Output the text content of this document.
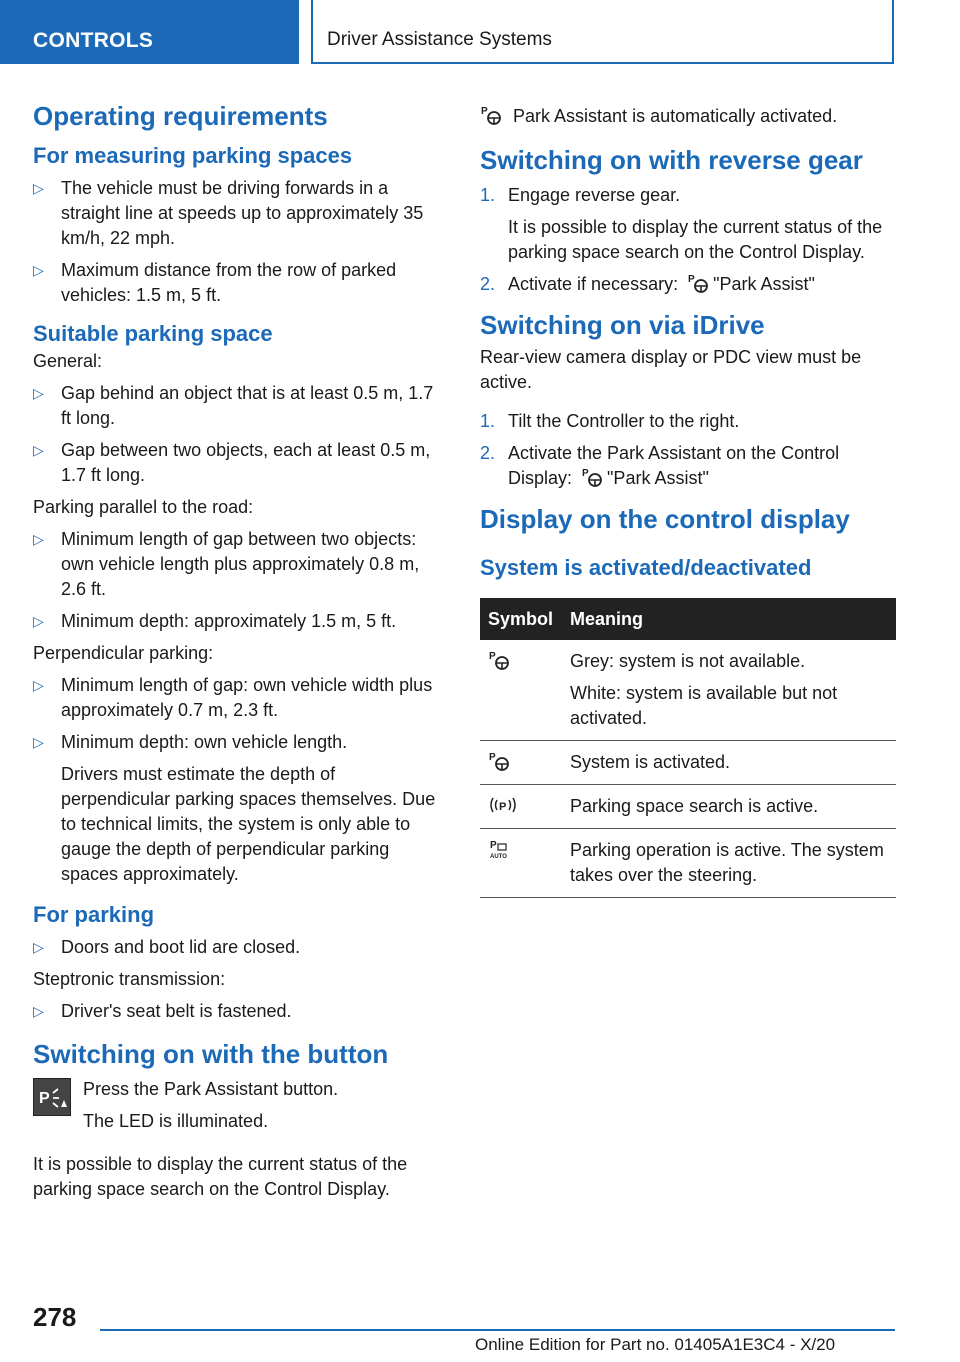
CONTROLS	Driver Assistance Systems
Operating requirements
For measuring parking spaces
▷ The vehicle must be driving forwards in a straight line at speeds up to approximately 35 km/h, 22 mph.
▷ Maximum distance from the row of parked vehicles: 1.5 m, 5 ft.
Suitable parking space

General:

▷ Gap behind an object that is at least 0.5 m, 1.7 ft long.
▷ Gap between two objects, each at least 0.5 m, 1.7 ft long.

Parking parallel to the road:

▷ Minimum length of gap between two objects: own vehicle length plus approximately 0.8 m, 2.6 ft.
▷ Minimum depth: approximately 1.5 m, 5 ft.

Perpendicular parking:

▷ Minimum length of gap: own vehicle width plus approximately 0.7 m, 2.3 ft.
▷ Minimum depth: own vehicle length.

Drivers must estimate the depth of perpendicular parking spaces themselves. Due to technical limits, the system is only able to gauge the depth of perpendicular parking spaces approximately.

For parking
▷ Doors and boot lid are closed.

Steptronic transmission:

▷ Driver's seat belt is fastened.
Switching on with the button
P Press the Park Assistant button.

The LED is illuminated.

It is possible to display the current status of the parking space search on the Control Display.

P Park Assistant is automatically activated.

Switching on with reverse gear
1. Engage reverse gear.

It is possible to display the current status of the parking space search on the Control Display.

2. Activate if necessary: P "Park Assist"
Switching on via iDrive

Rear-view camera display or PDC view must be active.

1. Tilt the Controller to the right.
2. Activate the Park Assistant on the Control Display: P "Park Assist"
Display on the control display
System is activated/deactivated
Symbol	Meaning

P	Grey: system is not available.

White: system is available but not activated.

P	System is activated.

P	Parking space search is active.

P
AUTO	Parking operation is active. The system takes over the steering.
278
Online Edition for Part no. 01405A1E3C4 - X/20
